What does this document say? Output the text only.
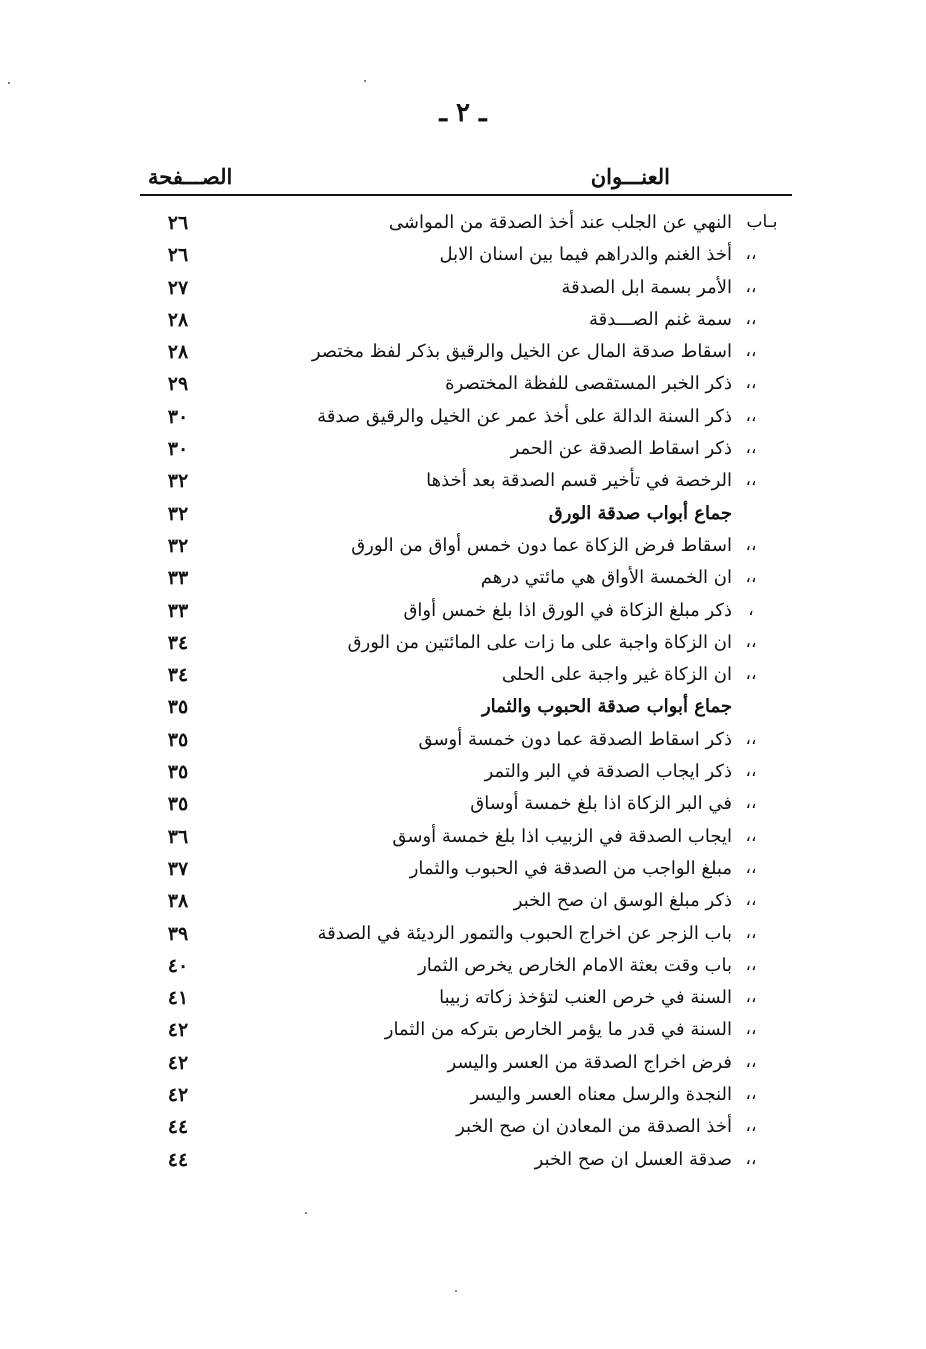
ـ ٢ ـ
العنـــوان
الصـــفحة
بـاب
النهي عن الجلب عند أخذ الصدقة من المواشى
٢٦
،،
أخذ الغنم والدراهم فيما بين اسنان الابل
٢٦
،،
الأمر بسمة ابل الصدقة
٢٧
،،
سمة غنم الصـــدقة
٢٨
،،
اسقاط صدقة المال عن الخيل والرقيق بذكر لفظ مختصر
٢٨
،،
ذكر الخبر المستقصى للفظة المختصرة
٢٩
،،
ذكر السنة الدالة على أخذ عمر عن الخيل والرقيق صدقة
٣٠
،،
ذكر اسقاط الصدقة عن الحمر
٣٠
،،
الرخصة في تأخير قسم الصدقة بعد أخذها
٣٢
جماع أبواب صدقة الورق
٣٢
،،
اسقاط فرض الزكاة عما دون خمس أواق من الورق
٣٢
،،
ان الخمسة الأواق هي مائتي درهم
٣٣
،
ذكر مبلغ الزكاة في الورق اذا بلغ خمس أواق
٣٣
،،
ان الزكاة واجبة على ما زات على المائتين من الورق
٣٤
،،
ان الزكاة غير واجبة على الحلى
٣٤
جماع أبواب صدقة الحبوب والثمار
٣٥
،،
ذكر اسقاط الصدقة عما دون خمسة أوسق
٣٥
،،
ذكر ايجاب الصدقة في البر والتمر
٣٥
،،
في البر الزكاة اذا بلغ خمسة أوساق
٣٥
،،
ايجاب الصدقة في الزبيب اذا بلغ خمسة أوسق
٣٦
،،
مبلغ الواجب من الصدقة في الحبوب والثمار
٣٧
،،
ذكر مبلغ الوسق ان صح الخبر
٣٨
،،
باب الزجر عن اخراج الحبوب والتمور الرديئة في الصدقة
٣٩
،،
باب وقت بعثة الامام الخارص يخرص الثمار
٤٠
،،
السنة في خرص العنب لتؤخذ زكاته زبيبا
٤١
،،
السنة في قدر ما يؤمر الخارص بتركه من الثمار
٤٢
،،
فرض اخراج الصدقة من العسر واليسر
٤٢
،،
النجدة والرسل معناه العسر واليسر
٤٢
،،
أخذ الصدقة من المعادن ان صح الخبر
٤٤
،،
صدقة العسل ان صح الخبر
٤٤
